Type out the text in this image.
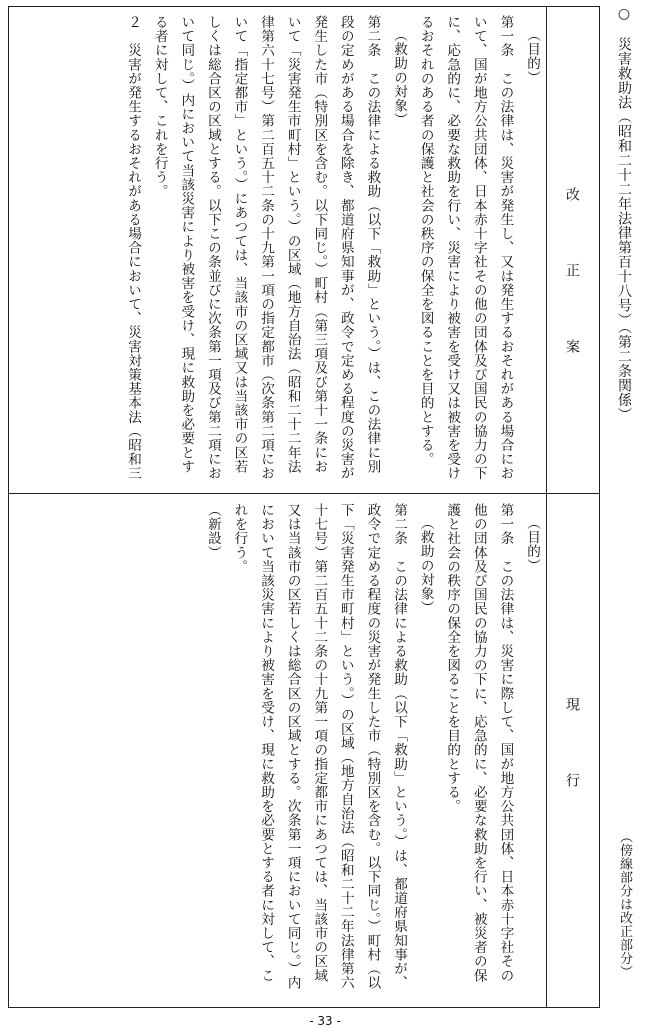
○　災害救助法（昭和二十二年法律第百十八号）（第二条関係）
（傍線部分は改正部分）
改　正　案
現　行
（目的）
第一条　この法律は、災害が発生し、又は発生するおそれがある場合において、国が地方公共団体、日本赤十字社その他の団体及び国民の協力の下に、応急的に、必要な救助を行い、災害により被害を受け又は被害を受けるおそれのある者の保護と社会の秩序の保全を図ることを目的とする。
（救助の対象）
第二条　この法律による救助（以下「救助」という。）は、この法律に別段の定めがある場合を除き、都道府県知事が、政令で定める程度の災害が発生した市（特別区を含む。以下同じ。）町村（第三項及び第十一条において「災害発生市町村」という。）の区域（地方自治法（昭和二十二年法律第六十七号）第二百五十二条の十九第一項の指定都市（次条第二項において「指定都市」という。）にあつては、当該市の区域又は当該市の区若しくは総合区の区域とする。以下この条並びに次条第一項及び第二項において同じ。）内において当該災害により被害を受け、現に救助を必要とする者に対して、これを行う。
２　災害が発生するおそれがある場合において、災害対策基本法（昭和三
（目的）
第一条　この法律は、災害に際して、国が地方公共団体、日本赤十字社その他の団体及び国民の協力の下に、応急的に、必要な救助を行い、被災者の保護と社会の秩序の保全を図ることを目的とする。
（救助の対象）
第二条　この法律による救助（以下「救助」という。）は、都道府県知事が、政令で定める程度の災害が発生した市（特別区を含む。以下同じ。）町村（以下「災害発生市町村」という。）の区域（地方自治法（昭和二十二年法律第六十七号）第二百五十二条の十九第一項の指定都市にあつては、当該市の区域又は当該市の区若しくは総合区の区域とする。次条第一項において同じ。）内において当該災害により被害を受け、現に救助を必要とする者に対して、これを行う。
（新設）
- 33 -
